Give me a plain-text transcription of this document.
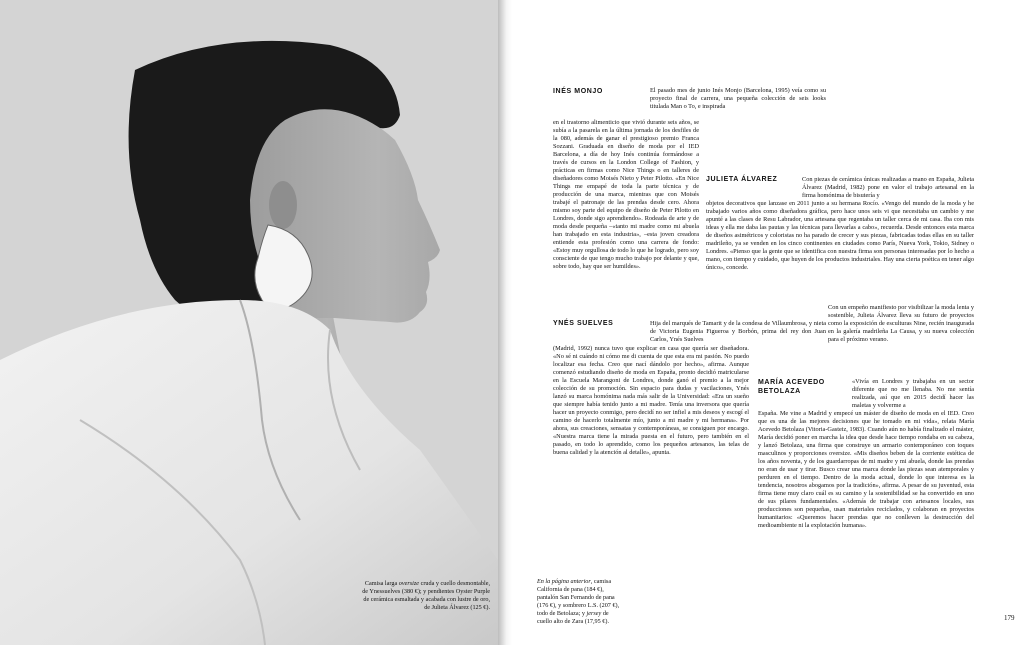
Camisa larga oversize cruda y cuello desmontable, de Ynessuelves (380 €); y pendientes Oyster Purple de cerámica esmaltada y acabada con lustre de oro, de Julieta Álvarez (125 €).
INÉS MONJO	El pasado mes de junio Inés Monjo (Barcelona, 1995) veía como su proyecto final de carrera, una pequeña colección de seis looks titulada Man o To, e inspirada
en el trastorno alimenticio que vivió durante seis años, se subía a la pasarela en la última jornada de los desfiles de la 080, además de ganar el prestigioso premio Franca Sozzani. Graduada en diseño de moda por el IED Barcelona, a día de hoy Inés continúa formándose a través de cursos en la London College of Fashion, y prácticas en firmas como Nice Things o en talleres de diseñadores como Moisés Nieto y Peter Pilotto. «En Nice Things me empapé de toda la parte técnica y de producción de una marca, mientras que con Moisés trabajé el patronaje de las prendas desde cero. Ahora mismo soy parte del equipo de diseño de Peter Pilotto en Londres, donde sigo aprendiendo». Rodeada de arte y de moda desde pequeña –«tanto mi madre como mi abuela han trabajado en esta industria», –esta joven creadora entiende esta profesión como una carrera de fondo: «Estoy muy orgullosa de todo lo que he logrado, pero soy consciente de que tengo mucho trabajo por delante y que, sobre todo, hay que ser humildes».
JULIETA ÁLVAREZ	Con piezas de cerámica únicas realizadas a mano en España, Julieta Álvarez (Madrid, 1982) pone en valor el trabajo artesanal en la firma homónima de bisutería y
objetos decorativos que lanzase en 2011 junto a su hermana Rocío. «Vengo del mundo de la moda y he trabajado varios años como diseñadora gráfica, pero hace unos seis vi que necesitaba un cambio y me apunté a las clases de Resu Labrador, una artesana que regentaba un taller cerca de mi casa. Iba con mis ideas y ella me daba las pautas y las técnicas para llevarlas a cabo», recuerda. Desde entonces esta marca de diseños asimétricos y coloristas no ha parado de crecer y sus piezas, fabricadas todas ellas en su taller madrileño, ya se venden en los cinco continentes en ciudades como París, Nueva York, Tokio, Sidney o Londres. «Pienso que la gente que se identifica con nuestra firma son personas interesadas por lo hecho a mano, con tiempo y cuidado, que huyen de los productos industriales. Hay una cierta poética en tener algo único», concede.
Con un empeño manifiesto por visibilizar la moda lenta y sostenible, Julieta Álvarez lleva su futuro de proyectos como la exposición de esculturas Nine, recién inaugurada en la galería madrileña La Causa, y su nueva colección para el próximo verano.
YNÉS SUELVES	Hija del marqués de Tamarit y de la condesa de Villaumbrosa, y nieta de Victoria Eugenia Figueroa y Borbón, prima del rey don Juan Carlos, Ynés Suelves
(Madrid, 1992) nunca tuvo que explicar en casa que quería ser diseñadora. «No sé ni cuándo ni cómo me di cuenta de que esta era mi pasión. No puedo localizar esa fecha. Creo que nací dándolo por hecho», afirma. Aunque comenzó estudiando diseño de moda en España, pronto decidió matricularse en la Escuela Marangoni de Londres, donde ganó el premio a la mejor colección de su promoción. Sin espacio para dudas y vacilaciones, Ynés lanzó su marca homónima nada más salir de la Universidad: «Era un sueño que siempre había tenido junto a mi madre. Tenía una inversora que quería hacer un proyecto conmigo, pero decidí no ser infiel a mis deseos y escogí el camino de hacerlo totalmente mío, junto a mi madre y mi hermana». Por ahora, sus creaciones, sensatas y contemporáneas, se consiguen por encargo. «Nuestra marca tiene la mirada puesta en el futuro, pero también en el pasado, en todo lo aprendido, como los pequeños artesanos, las telas de buena calidad y la atención al detalle», apunta.
MARÍA ACEVEDO BETOLAZA
«Vivía en Londres y trabajaba en un sector diferente que no me llenaba. No me sentía realizada, así que en 2015 decidí hacer las maletas y volverme a
España. Me vine a Madrid y empecé un máster de diseño de moda en el IED. Creo que es una de las mejores decisiones que he tomado en mi vida», relata María Acevedo Betolaza (Vitoria-Gasteiz, 1983). Cuando aún no había finalizado el máster, María decidió poner en marcha la idea que desde hace tiempo rondaba en su cabeza, y lanzó Betolaza, una firma que construye un armario contemporáneo con toques masculinos y proporciones oversize. «Mis diseños beben de la corriente estética de los años noventa, y de los guardarropas de mi madre y mi abuela, donde las prendas no eran de usar y tirar. Busco crear una marca donde las piezas sean atemporales y perduren en el tiempo. Dentro de la moda actual, donde lo que interesa es la tendencia, nosotros abogamos por la tradición», afirma. A pesar de su juventud, esta firma tiene muy claro cuál es su camino y la sostenibilidad se ha convertido en uno de sus pilares fundamentales. «Además de trabajar con artesanos locales, sus producciones son pequeñas, usan materiales reciclados, y colaboran en proyectos humanitarios: «Queremos hacer prendas que no conlleven la destrucción del medioambiente ni la explotación humana».
En la página anterior, camisa California de pana (184 €), pantalón San Fernando de pana (176 €), y sombrero L.S. (207 €), todo de Betolaza; y jersey de cuello alto de Zara (17,95 €).	179
